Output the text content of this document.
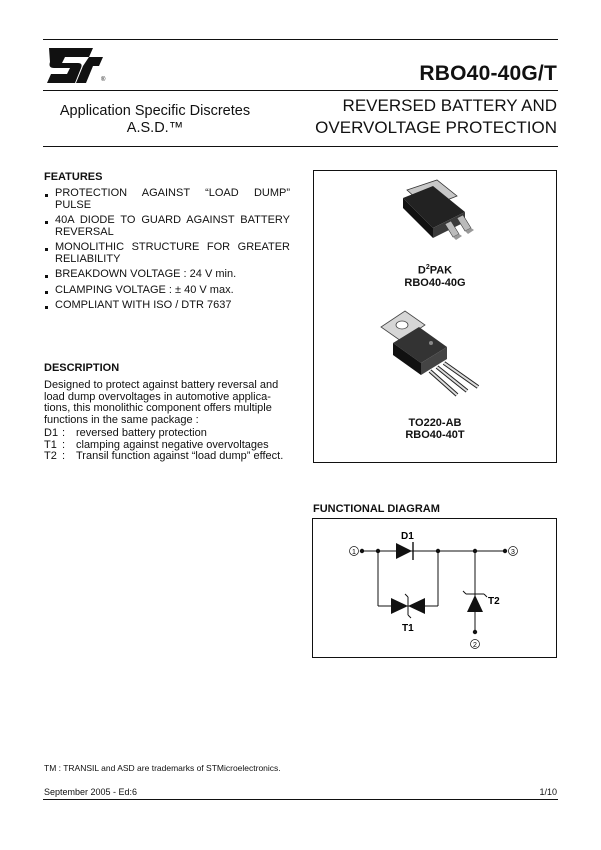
®	RBO40-40G/T
Application Specific Discretes
A.S.D.™
REVERSED BATTERY AND
OVERVOLTAGE PROTECTION
FEATURES
PROTECTION AGAINST “LOAD DUMP” PULSE
40A DIODE TO GUARD AGAINST BATTERY REVERSAL
MONOLITHIC STRUCTURE FOR GREATER RELIABILITY
BREAKDOWN VOLTAGE : 24 V min.
CLAMPING VOLTAGE : ± 40 V max.
COMPLIANT WITH ISO / DTR 7637
DESCRIPTION
Designed to protect against battery reversal and load dump overvoltages in automotive applica- tions, this monolithic component offers multiple functions in the same package :
D1 : reversed battery protection
T1 : clamping against negative overvoltages
T2 : Transil function against “load dump” effect.
$D^2PAK$
RBO40-40G
TO220-AB
RBO40-40T
FUNCTIONAL DIAGRAM
1	3
2
D1
T1
T2
TM : TRANSIL and ASD are trademarks of STMicroelectronics.
September 2005 - Ed:6	1/10
